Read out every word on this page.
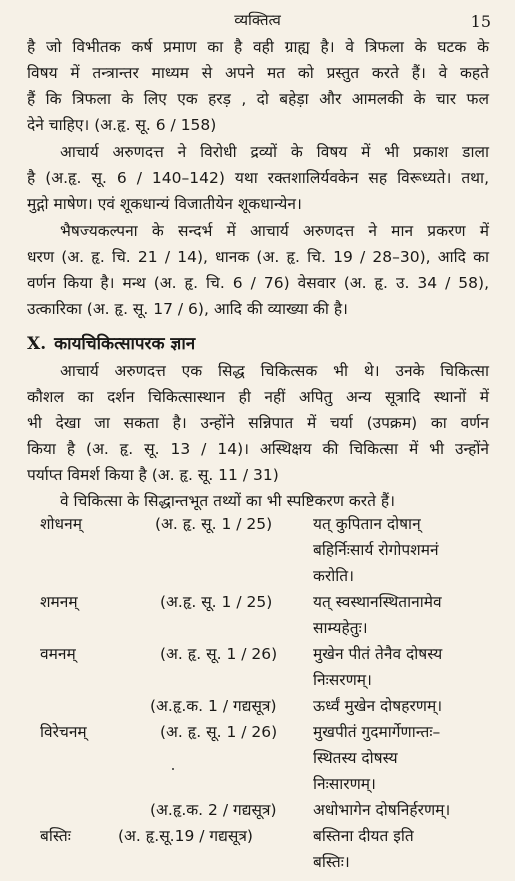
व्यक्तित्व	15
है जो विभीतक कर्ष प्रमाण का है वही ग्राह्य है। वे त्रिफला के घटक के
विषय में तन्त्रान्तर माध्यम से अपने मत को प्रस्तुत करते हैं। वे कहते
हैं कि त्रिफला के लिए एक हरड़ , दो बहेड़ा और आमलकी के चार फल
देने चाहिए। (अ.हृ. सू. 6 / 158)
आचार्य अरुणदत्त ने विरोधी द्रव्यों के विषय में भी प्रकाश डाला
है (अ.हृ. सू. 6 / 140–142) यथा रक्तशालिर्यवकेन सह विरूध्यते। तथा,
मुद्गो माषेण। एवं शूकधान्यं विजातीयेन शूकधान्येन।
भैषज्यकल्पना के सन्दर्भ में आचार्य अरुणदत्त ने मान प्रकरण में
धरण (अ. हृ. चि. 21 / 14), धानक (अ. हृ. चि. 19 / 28–30), आदि का
वर्णन किया है। मन्थ (अ. हृ. चि. 6 / 76) वेसवार (अ. हृ. उ. 34 / 58),
उत्कारिका (अ. हृ. सू. 17 / 6), आदि की व्याख्या की है।
X. कायचिकित्सापरक ज्ञान
आचार्य अरुणदत्त एक सिद्ध चिकित्सक भी थे। उनके चिकित्सा
कौशल का दर्शन चिकित्सास्थान ही नहीं अपितु अन्य सूत्रादि स्थानों में
भी देखा जा सकता है। उन्होंने सन्निपात में चर्या (उपक्रम) का वर्णन
किया है (अ. हृ. सू. 13 / 14)। अस्थिक्षय की चिकित्सा में भी उन्होंने
पर्याप्त विमर्श किया है (अ. हृ. सू. 11 / 31)
वे चिकित्सा के सिद्धान्तभूत तथ्यों का भी स्पष्टिकरण करते हैं।
शोधनम्	(अ. हृ. सू. 1 / 25)	यत् कुपितान दोषान्
बहिर्निःसार्य रोगोपशमनं
करोति।
शमनम्	(अ.हृ. सू. 1 / 25)	यत् स्वस्थानस्थितानामेव
साम्यहेतुः।
वमनम्	(अ. हृ. सू. 1 / 26) मुखेन पीतं तेनैव दोषस्य
निःसरणम्।
(अ.हृ.क. 1 / गद्यसूत्र) ऊर्ध्वं मुखेन दोषहरणम्।
विरेचनम्	(अ. हृ. सू. 1 / 26) मुखपीतं गुदमार्गेणान्तः–
स्थितस्य दोषस्य
निःसारणम्।
(अ.हृ.क. 2 / गद्यसूत्र) अधोभागेन दोषनिर्हरणम्।
बस्तिः	(अ. हृ.सू.19 / गद्यसूत्र)	बस्तिना दीयत इति
बस्तिः।
